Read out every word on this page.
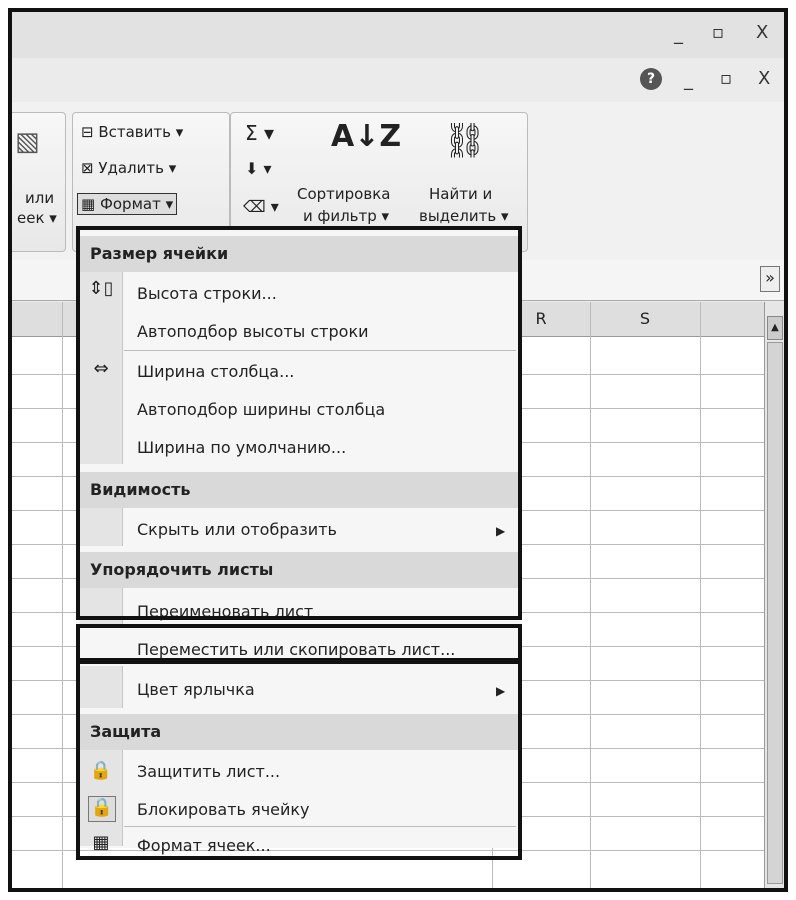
_ ▫ X
?	_ ▫ X
▧
или
еек ▾
⊟ Вставить ▾
⊠ Удалить ▾
▦ Формат ▾
Σ ▾
⬇ ▾
⌫ ▾
A↓Z
Сортировка
и фильтр ▾
⛓
Найти и
выделить ▾
»
R	S	▲
Размер ячейки
⇕▯ Высота строки...
Автоподбор высоты строки
⇔	Ширина столбца...
Автоподбор ширины столбца
Ширина по умолчанию...
Видимость
Скрыть или отобразить	▶
Упорядочить листы
Переименовать лист
Переместить или скопировать лист...
Цвет ярлычка	▶
Защита
🔒 Защитить лист...
🔒 Блокировать ячейку
▦ Формат ячеек...
